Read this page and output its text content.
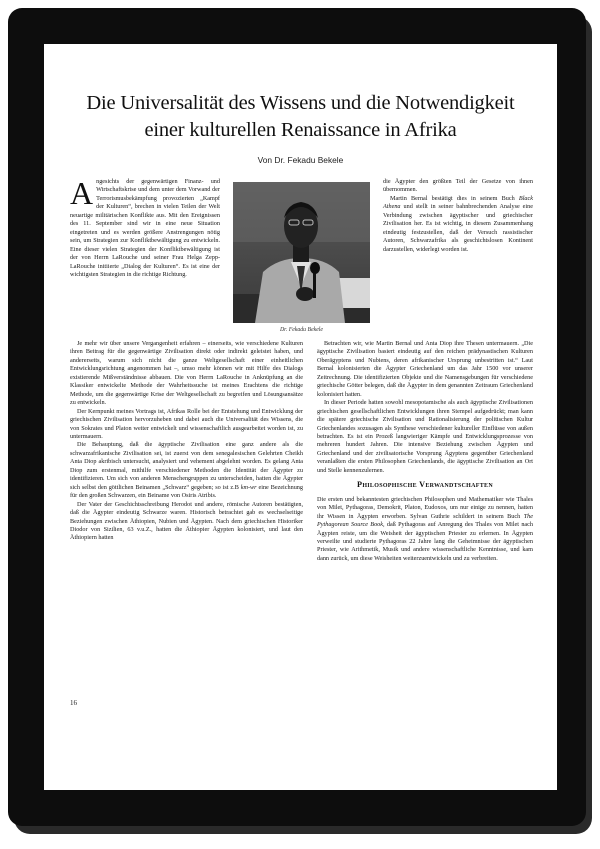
Die Universalität des Wissens und die Notwendigkeit
einer kulturellen Renaissance in Afrika
Von Dr. Fekadu Bekele

Angesichts der gegenwärtigen Finanz- und Wirtschaftskrise und dem unter dem Vorwand der Terrorismusbekämpfung provozierten „Kampf der Kulturen“, brechen in vielen Teilen der Welt neuartige militärischen Konflikte aus. Mit den Ereignissen des 11. September sind wir in eine neue Situation eingetreten und es werden größere Anstrengungen nötig sein, um Strategien zur Konfliktbewältigung zu entwickeln. Eine dieser vielen Strategien der Konfliktbewältigung ist der von Herrn LaRouche und seiner Frau Helga Zepp-LaRouche initiierte „Dialog der Kulturen“. Es ist eine der wichtigsten Strategien in die richtige Richtung.

Dr. Fekadu Bekele

Je mehr wir über unsere Vergangenheit erfahren – einerseits, wie verschiedene Kulturen ihren Beitrag für die gegenwärtige Zivilisation direkt oder indirekt geleistet haben, und andererseits, warum sich nicht die ganze Weltgesellschaft einer einheitlichen Entwicklungsrichtung angenommen hat –, umso mehr können wir mit Hilfe des Dialogs existierende Mißverständnisse abbauen. Die von Herrn LaRouche in Anknüpfung an die Klassiker entwickelte Methode der Wahrheitssuche ist meines Erachtens die richtige Methode, um die gegenwärtige Krise der Weltgesellschaft zu begreifen und Lösungsansätze zu entwickeln.

Der Kernpunkt meines Vortrags ist, Afrikas Rolle bei der Entstehung und Entwicklung der griechischen Zivilisation hervorzuheben und dabei auch die Universalität des Wissens, die von Sokrates und Platon weiter entwickelt und wissenschaftlich ausgearbeitet worden ist, zu untermauern.

Die Behauptung, daß die ägyptische Zivilisation eine ganz andere als die schwarzafrikanische Zivilisation sei, ist zuerst von dem senegalesischen Gelehrten Cheikh Anta Diop akribisch untersucht, analysiert und vehement abgelehnt worden. Es gelang Anta Diop zum erstenmal, mithilfe verschiedener Methoden die Identität der Ägypter zu identifizieren. Um sich von anderen Menschengruppen zu unterscheiden, hatten die Ägypter sich selbst den göttlichen Beinamen „Schwarz“ gegeben; so ist z.B km-wr eine Bezeichnung für den großen Schwarzen, ein Beiname von Osiris Atribis.

Der Vater der Geschichtsschreibung Herodot und andere, römische Autoren bestätigten, daß die Ägypter eindeutig Schwarze waren. Historisch betrachtet gab es wechselseitige Beziehungen zwischen Äthiopien, Nubien und Ägypten. Nach dem griechischen Historiker Diodor von Sizilien, 63 v.u.Z., hatten die Äthiopier Ägypten kolonisiert, und laut den Äthiopiern hatten

die Ägypter den größten Teil der Gesetze von ihnen übernommen.

Martin Bernal bestätigt dies in seinem Buch Black Athena und stellt in seiner bahnbrechenden Analyse eine Verbindung zwischen ägyptischer und griechischer Zivilisation her. Es ist wichtig, in diesem Zusammenhang eindeutig festzustellen, daß der Versuch rassistischer Autoren, Schwarzafrika als geschichtslosen Kontinent darzustellen, widerlegt worden ist.

Betrachten wir, wie Martin Bernal und Anta Diop ihre Thesen untermauern. „Die ägyptische Zivilisation basiert eindeutig auf den reichen prädynastischen Kulturen Oberägyptens und Nubiens, deren afrikanischer Ursprung unbestritten ist.“ Laut Bernal kolonisierten die Ägypter Griechenland um das Jahr 1500 vor unserer Zeitrechnung. Die identifizierten Objekte und die Namensgebungen für verschiedene griechische Götter belegen, daß die Ägypter in dem genannten Zeitraum Griechenland kolonisiert hatten.

In dieser Periode hatten sowohl mesopotamische als auch ägyptische Zivilisationen griechischen gesellschaftlichen Entwicklungen ihren Stempel aufgedrückt; man kann die spätere griechische Zivilisation und Rationalisierung der politischen Kultur Griechenlandes sozusagen als Synthese verschiedener kultureller Einflüsse von außen betrachten. Es ist ein Prozeß langwieriger Kämpfe und Entwicklungsprozesse von mehreren hundert Jahren. Die intensive Beziehung zwischen Ägypten und Griechenland und der zivilisatorische Vorsprung Ägyptens gegenüber Griechenland veranlaßten die ersten Philosophen Griechenlands, die ägyptische Zivilisation an Ort und Stelle kennenzulernen.

Philosophische Verwandtschaften

Die ersten und bekanntesten griechischen Philosophen und Mathematiker wie Thales von Milet, Pythagoras, Demokrit, Platon, Eudoxos, um nur einige zu nennen, hatten ihr Wissen in Ägypten erworben. Sylvan Guthrie schildert in seinem Buch The Pythagorean Source Book, daß Pythagoras auf Anregung des Thales von Milet nach Ägypten reiste, um die Weisheit der ägyptischen Priester zu erlernen. In Ägypten verweilte und studierte Pythagoras 22 Jahre lang die Geheimnisse der ägyptischen Priester, wie Arithmetik, Musik und andere wissenschaftliche Kenntnisse, und kam dann zurück, um diese Weisheiten weiterzuentwickeln und zu verbreiten.

16
